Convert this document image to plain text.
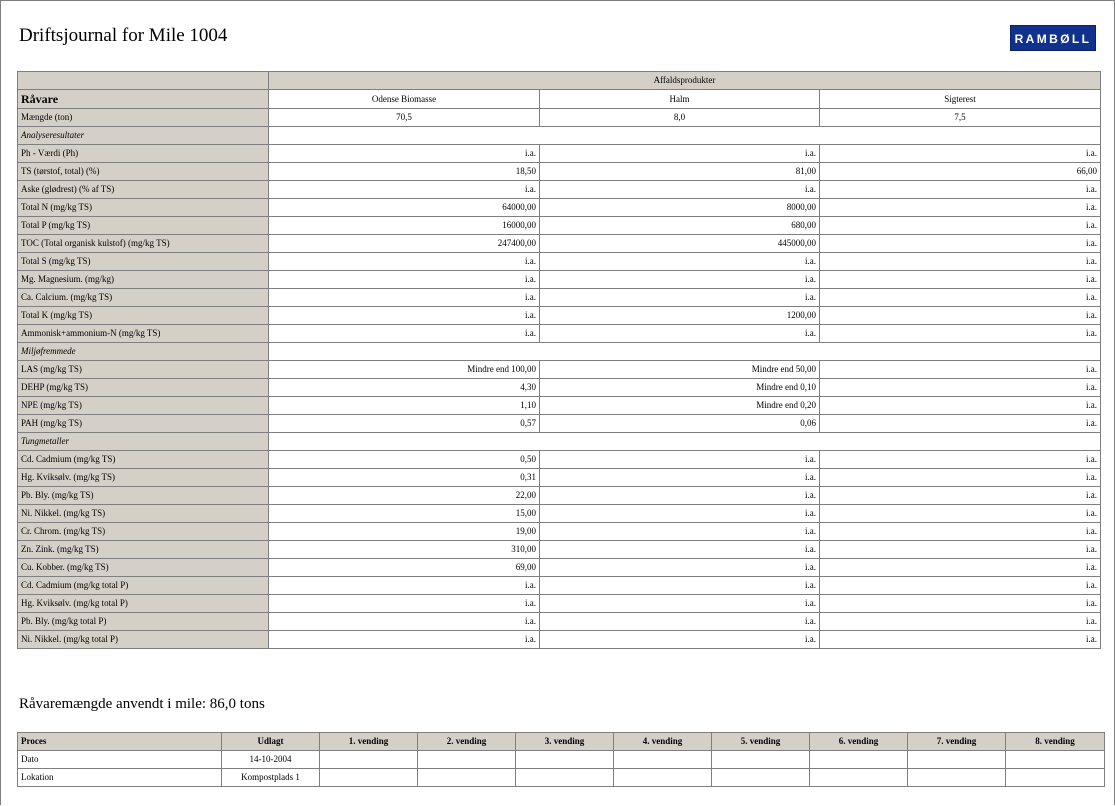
Driftsjournal for Mile 1004	RAMBØLL
	Affaldsprodukter		
Råvare	Odense Biomasse	Halm	Sigterest
Mængde (ton)	70,5	8,0	7,5
Analyseresultater			
Ph - Værdi (Ph)	i.a.	i.a.	i.a.
TS (tørstof, total) (%)	18,50	81,00	66,00
Aske (glødrest) (% af TS)	i.a.	i.a.	i.a.
Total N (mg/kg TS)	64000,00	8000,00	i.a.
Total P (mg/kg TS)	16000,00	680,00	i.a.
TOC (Total organisk kulstof) (mg/kg TS)	247400,00	445000,00	i.a.
Total S (mg/kg TS)	i.a.	i.a.	i.a.
Mg. Magnesium. (mg/kg)	i.a.	i.a.	i.a.
Ca. Calcium. (mg/kg TS)	i.a.	i.a.	i.a.
Total K (mg/kg TS)	i.a.	1200,00	i.a.
Ammonisk+ammonium-N (mg/kg TS)	i.a.	i.a.	i.a.
Miljøfremmede			
LAS (mg/kg TS)	Mindre end 100,00	Mindre end 50,00	i.a.
DEHP (mg/kg TS)	4,30	Mindre end 0,10	i.a.
NPE (mg/kg TS)	1,10	Mindre end 0,20	i.a.
PAH (mg/kg TS)	0,57	0,06	i.a.
Tungmetaller			
Cd. Cadmium (mg/kg TS)	0,50	i.a.	i.a.
Hg. Kviksølv. (mg/kg TS)	0,31	i.a.	i.a.
Pb. Bly. (mg/kg TS)	22,00	i.a.	i.a.
Ni. Nikkel. (mg/kg TS)	15,00	i.a.	i.a.
Cr. Chrom. (mg/kg TS)	19,00	i.a.	i.a.
Zn. Zink. (mg/kg TS)	310,00	i.a.	i.a.
Cu. Kobber. (mg/kg TS)	69,00	i.a.	i.a.
Cd. Cadmium (mg/kg total P)	i.a.	i.a.	i.a.
Hg. Kviksølv. (mg/kg total P)	i.a.	i.a.	i.a.
Pb. Bly. (mg/kg total P)	i.a.	i.a.	i.a.
Ni. Nikkel. (mg/kg total P)	i.a.	i.a.	i.a.
Råvaremængde anvendt i mile: 86,0 tons
Proces	Udlagt	1. vending	2. vending	3. vending	4. vending	5. vending	6. vending	7. vending	8. vending
Dato	14-10-2004								
Lokation	Kompostplads 1								
